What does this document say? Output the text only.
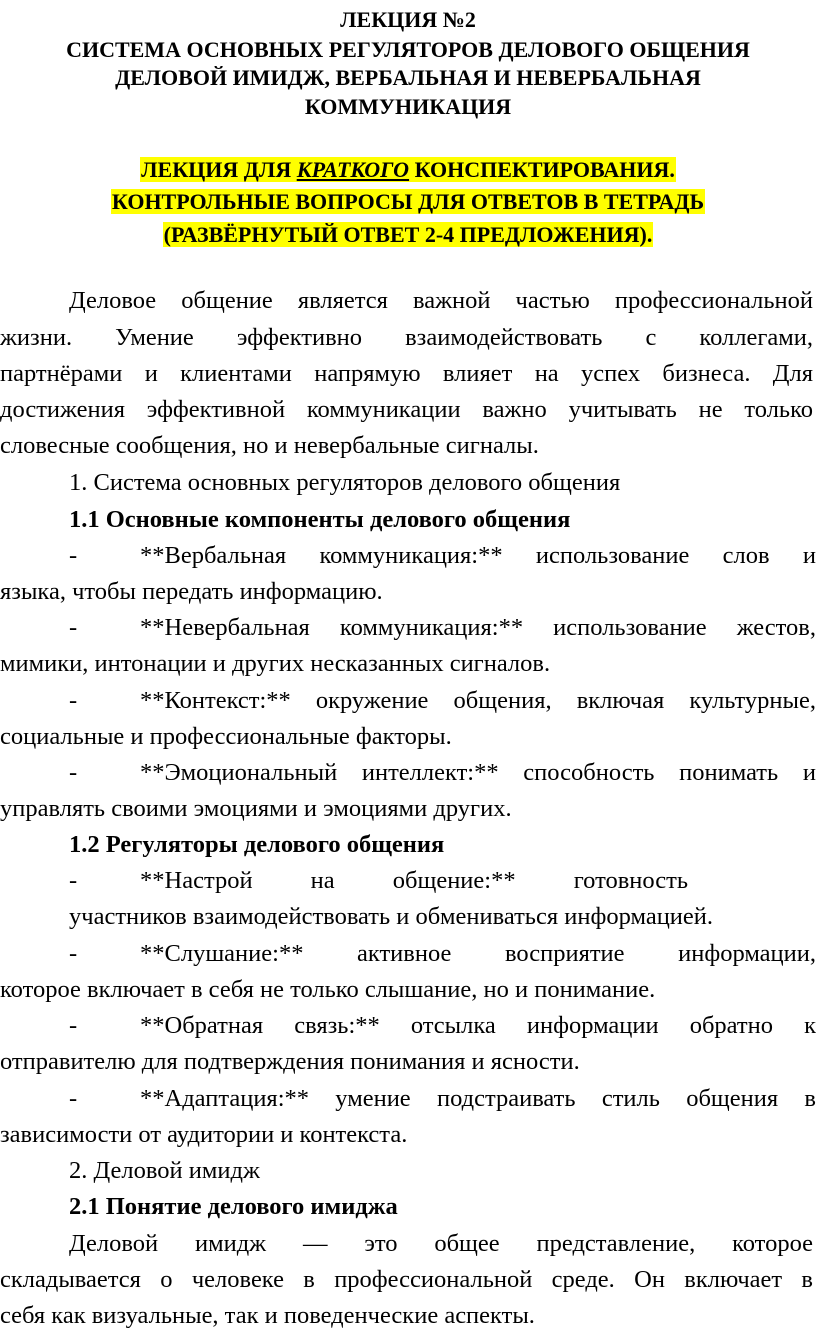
ЛЕКЦИЯ №2
СИСТЕМА ОСНОВНЫХ РЕГУЛЯТОРОВ ДЕЛОВОГО ОБЩЕНИЯ
ДЕЛОВОЙ ИМИДЖ, ВЕРБАЛЬНАЯ И НЕВЕРБАЛЬНАЯ
КОММУНИКАЦИЯ
ЛЕКЦИЯ ДЛЯ КРАТКОГО КОНСПЕКТИРОВАНИЯ.
КОНТРОЛЬНЫЕ ВОПРОСЫ ДЛЯ ОТВЕТОВ В ТЕТРАДЬ
(РАЗВЁРНУТЫЙ ОТВЕТ 2-4 ПРЕДЛОЖЕНИЯ).
Деловое общение является важной частью профессиональной
жизни. Умение эффективно взаимодействовать с коллегами,
партнёрами и клиентами напрямую влияет на успех бизнеса. Для
достижения эффективной коммуникации важно учитывать не только
словесные сообщения, но и невербальные сигналы.
1. Система основных регуляторов делового общения
1.1 Основные компоненты делового общения
-	**Вербальная коммуникация:** использование слов и
языка, чтобы передать информацию.
-	**Невербальная коммуникация:** использование жестов,
мимики, интонации и других несказанных сигналов.
-	**Контекст:** окружение общения, включая культурные,
социальные и профессиональные факторы.
-	**Эмоциональный интеллект:** способность понимать и
управлять своими эмоциями и эмоциями других.
1.2 Регуляторы делового общения
-	**Настрой на общение:** готовность
участников взаимодействовать и обмениваться информацией.
-	**Слушание:** активное восприятие информации,
которое включает в себя не только слышание, но и понимание.
-	**Обратная связь:** отсылка информации обратно к
отправителю для подтверждения понимания и ясности.
-	**Адаптация:** умение подстраивать стиль общения в
зависимости от аудитории и контекста.
2. Деловой имидж
2.1 Понятие делового имиджа
Деловой имидж — это общее представление, которое
складывается о человеке в профессиональной среде. Он включает в
себя как визуальные, так и поведенческие аспекты.
